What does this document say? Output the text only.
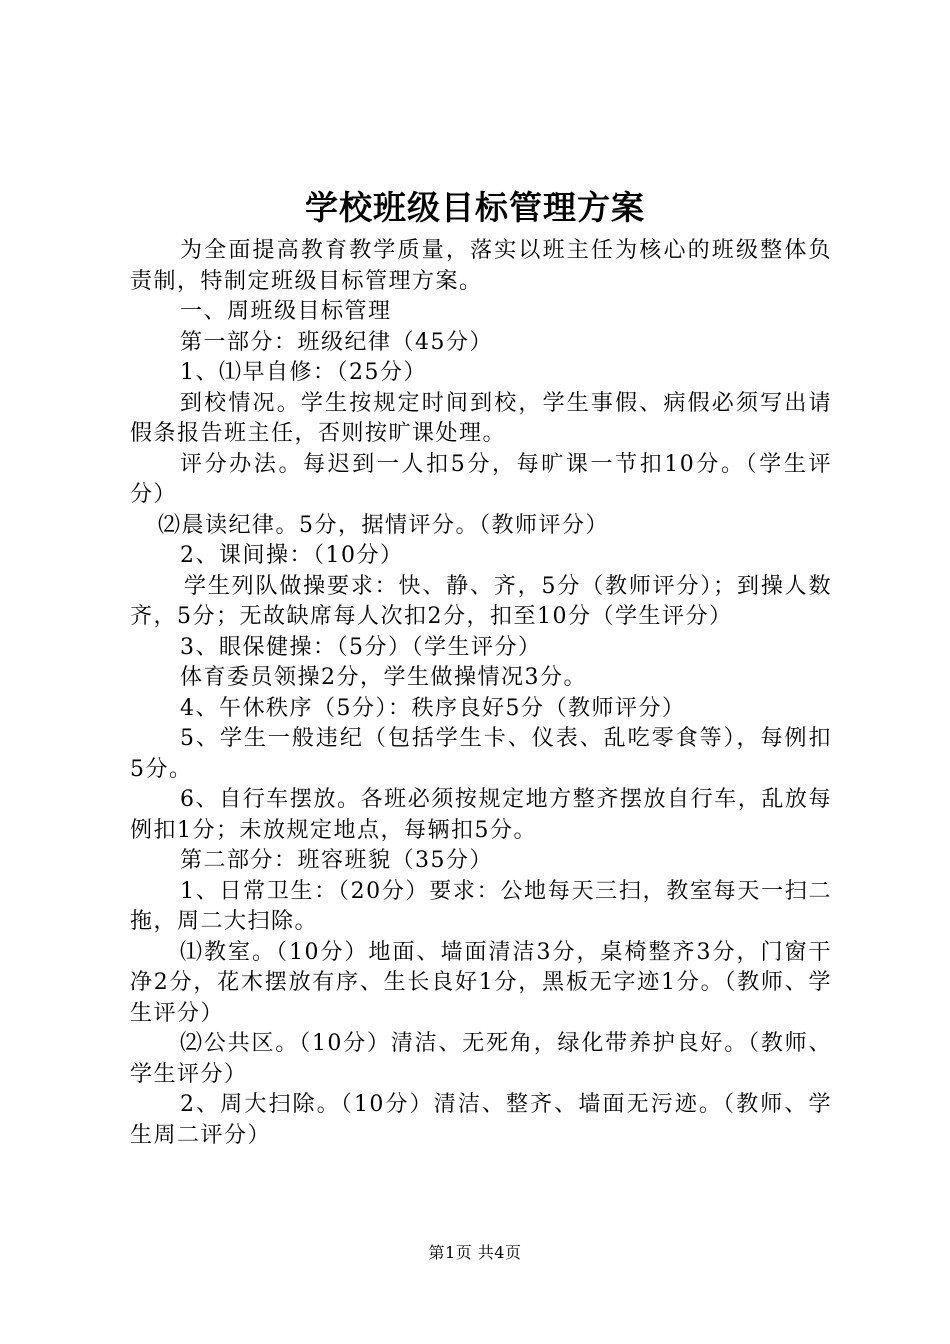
学校班级目标管理方案

为全面提高教育教学质量，落实以班主任为核心的班级整体负责制，特制定班级目标管理方案。

一、周班级目标管理

第一部分：班级纪律（45分）

1、⑴早自修：（25分）

到校情况。学生按规定时间到校，学生事假、病假必须写出请假条报告班主任，否则按旷课处理。

评分办法。每迟到一人扣5分，每旷课一节扣10分。（学生评分）

⑵晨读纪律。5分，据情评分。（教师评分）

2、课间操：（10分）

学生列队做操要求：快、静、齐，5分（教师评分）；到操人数齐，5分；无故缺席每人次扣2分，扣至10分（学生评分）

3、眼保健操：（5分）（学生评分）

体育委员领操2分，学生做操情况3分。

4、午休秩序（5分）：秩序良好5分（教师评分）

5、学生一般违纪（包括学生卡、仪表、乱吃零食等），每例扣5分。

6、自行车摆放。各班必须按规定地方整齐摆放自行车，乱放每例扣1分；未放规定地点，每辆扣5分。

第二部分：班容班貌（35分）

1、日常卫生：（20分）要求：公地每天三扫，教室每天一扫二拖，周二大扫除。

⑴教室。（10分）地面、墙面清洁3分，桌椅整齐3分，门窗干净2分，花木摆放有序、生长良好1分，黑板无字迹1分。（教师、学生评分）

⑵公共区。（10分）清洁、无死角，绿化带养护良好。（教师、学生评分）

2、周大扫除。（10分）清洁、整齐、墙面无污迹。（教师、学生周二评分）

第1页 共4页
